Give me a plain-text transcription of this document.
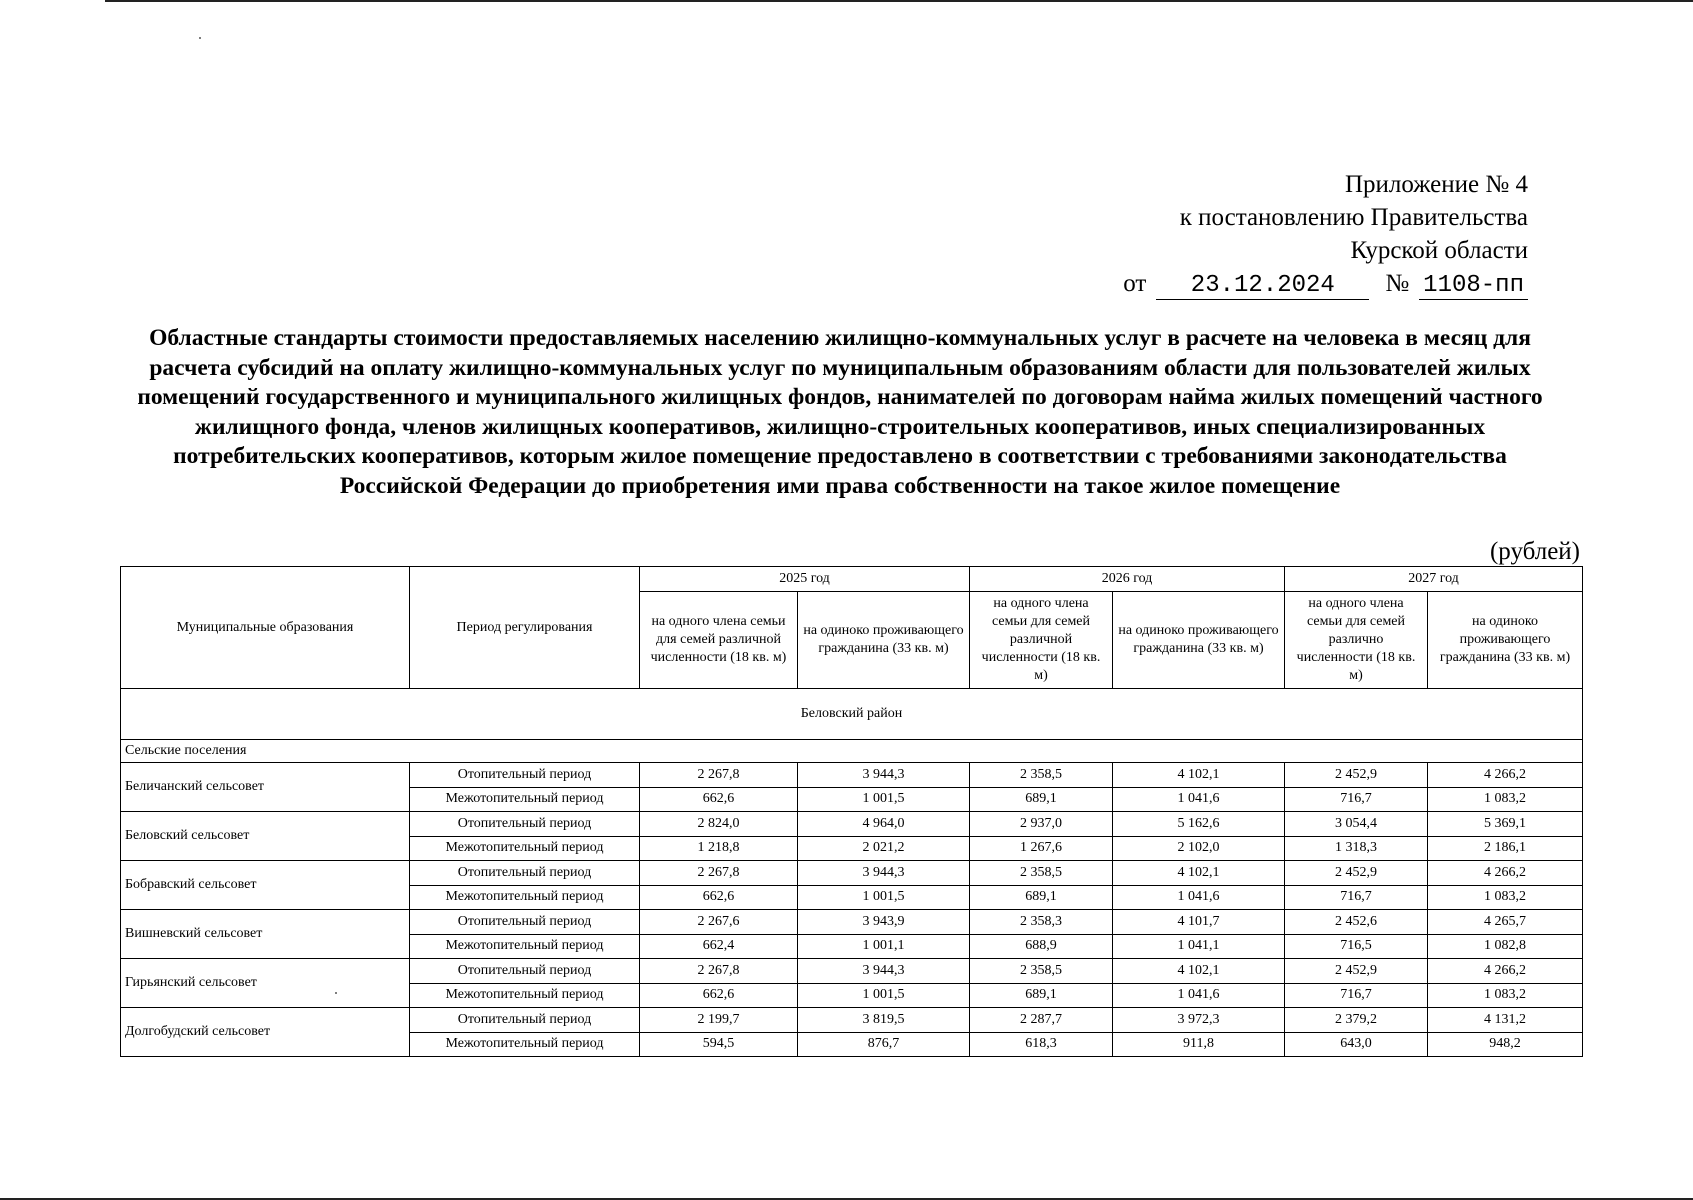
Приложение № 4
к постановлению Правительства
Курской области
от	23.12.2024	№ 1108-пп
Областные стандарты стоимости предоставляемых населению жилищно-коммунальных услуг в расчете на человека в месяц для расчета субсидий на оплату жилищно-коммунальных услуг по муниципальным образованиям области для пользователей жилых помещений государственного и муниципального жилищных фондов, нанимателей по договорам найма жилых помещений частного жилищного фонда, членов жилищных кооперативов, жилищно-строительных кооперативов, иных специализированных потребительских кооперативов, которым жилое помещение предоставлено в соответствии с требованиями законодательства Российской Федерации до приобретения ими права собственности на такое жилое помещение
(рублей)
Муниципальные образования	Период регулирования	2025 год		2026 год		2027 год	
		на одного члена семьи для семей различной численности (18 кв. м)	на одиноко проживающего гражданина (33 кв. м)	на одного члена семьи для семей различной численности (18 кв. м)	на одиноко проживающего гражданина (33 кв. м)	на одного члена семьи для семей различно численности (18 кв. м)	на одиноко проживающего гражданина (33 кв. м)
Беловский район							
Сельские поселения							
Беличанский сельсовет	Отопительный период	2 267,8	3 944,3	2 358,5	4 102,1	2 452,9	4 266,2
	Межотопительный период	662,6	1 001,5	689,1	1 041,6	716,7	1 083,2
Беловский сельсовет	Отопительный период	2 824,0	4 964,0	2 937,0	5 162,6	3 054,4	5 369,1
	Межотопительный период	1 218,8	2 021,2	1 267,6	2 102,0	1 318,3	2 186,1
Бобравский сельсовет	Отопительный период	2 267,8	3 944,3	2 358,5	4 102,1	2 452,9	4 266,2
	Межотопительный период	662,6	1 001,5	689,1	1 041,6	716,7	1 083,2
Вишневский сельсовет	Отопительный период	2 267,6	3 943,9	2 358,3	4 101,7	2 452,6	4 265,7
	Межотопительный период	662,4	1 001,1	688,9	1 041,1	716,5	1 082,8
Гирьянский сельсовет	Отопительный период	2 267,8	3 944,3	2 358,5	4 102,1	2 452,9	4 266,2
	Межотопительный период	662,6	1 001,5	689,1	1 041,6	716,7	1 083,2
Долгобудский сельсовет	Отопительный период	2 199,7	3 819,5	2 287,7	3 972,3	2 379,2	4 131,2
	Межотопительный период	594,5	876,7	618,3	911,8	643,0	948,2
